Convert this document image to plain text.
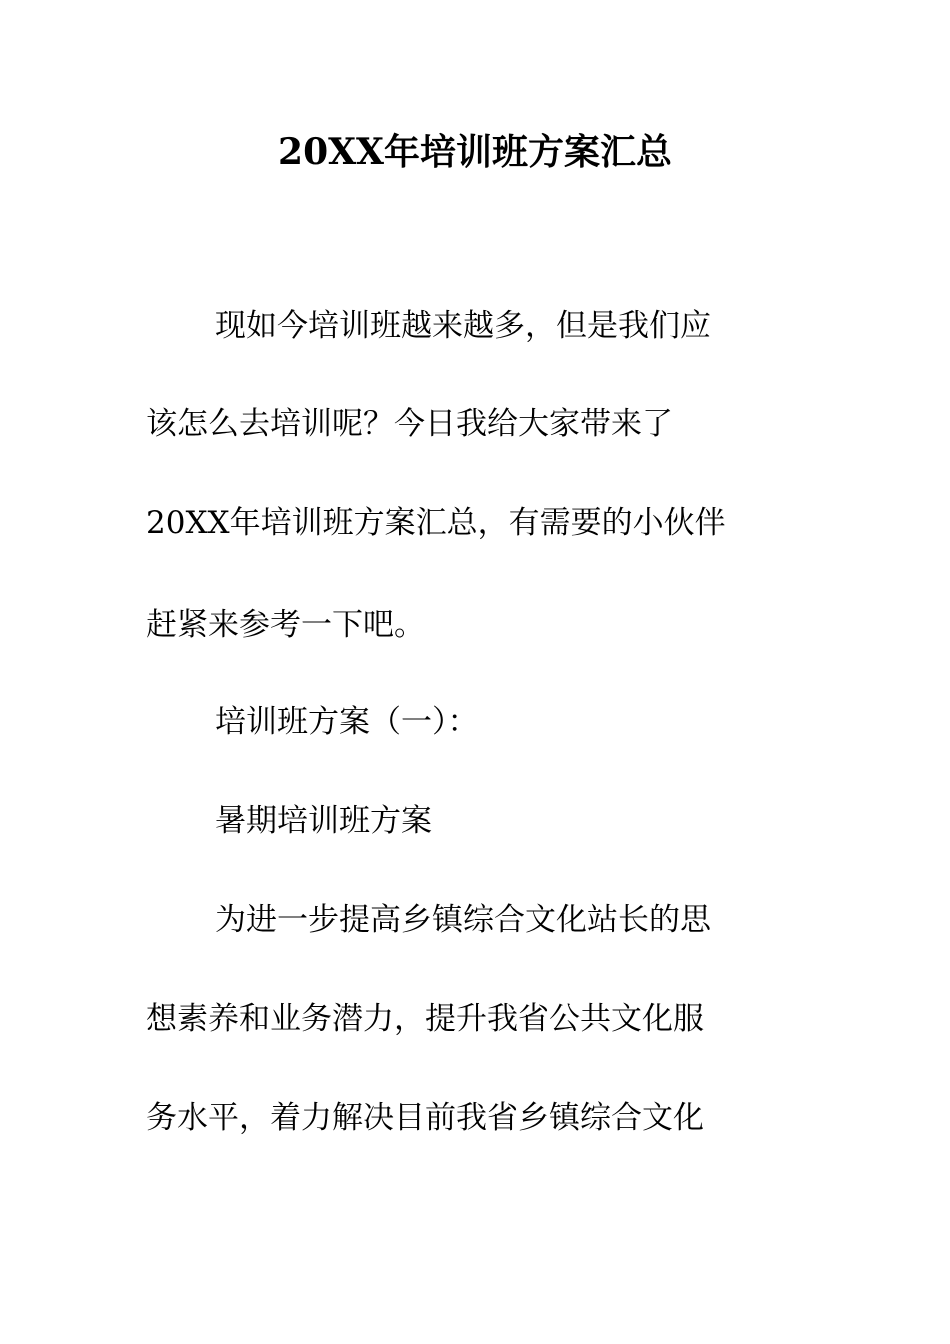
20XX年培训班方案汇总
现如今培训班越来越多，但是我们应
该怎么去培训呢？今日我给大家带来了
20XX年培训班方案汇总，有需要的小伙伴
赶紧来参考一下吧。
培训班方案（一）：
暑期培训班方案
为进一步提高乡镇综合文化站长的思
想素养和业务潜力，提升我省公共文化服
务水平，着力解决目前我省乡镇综合文化
